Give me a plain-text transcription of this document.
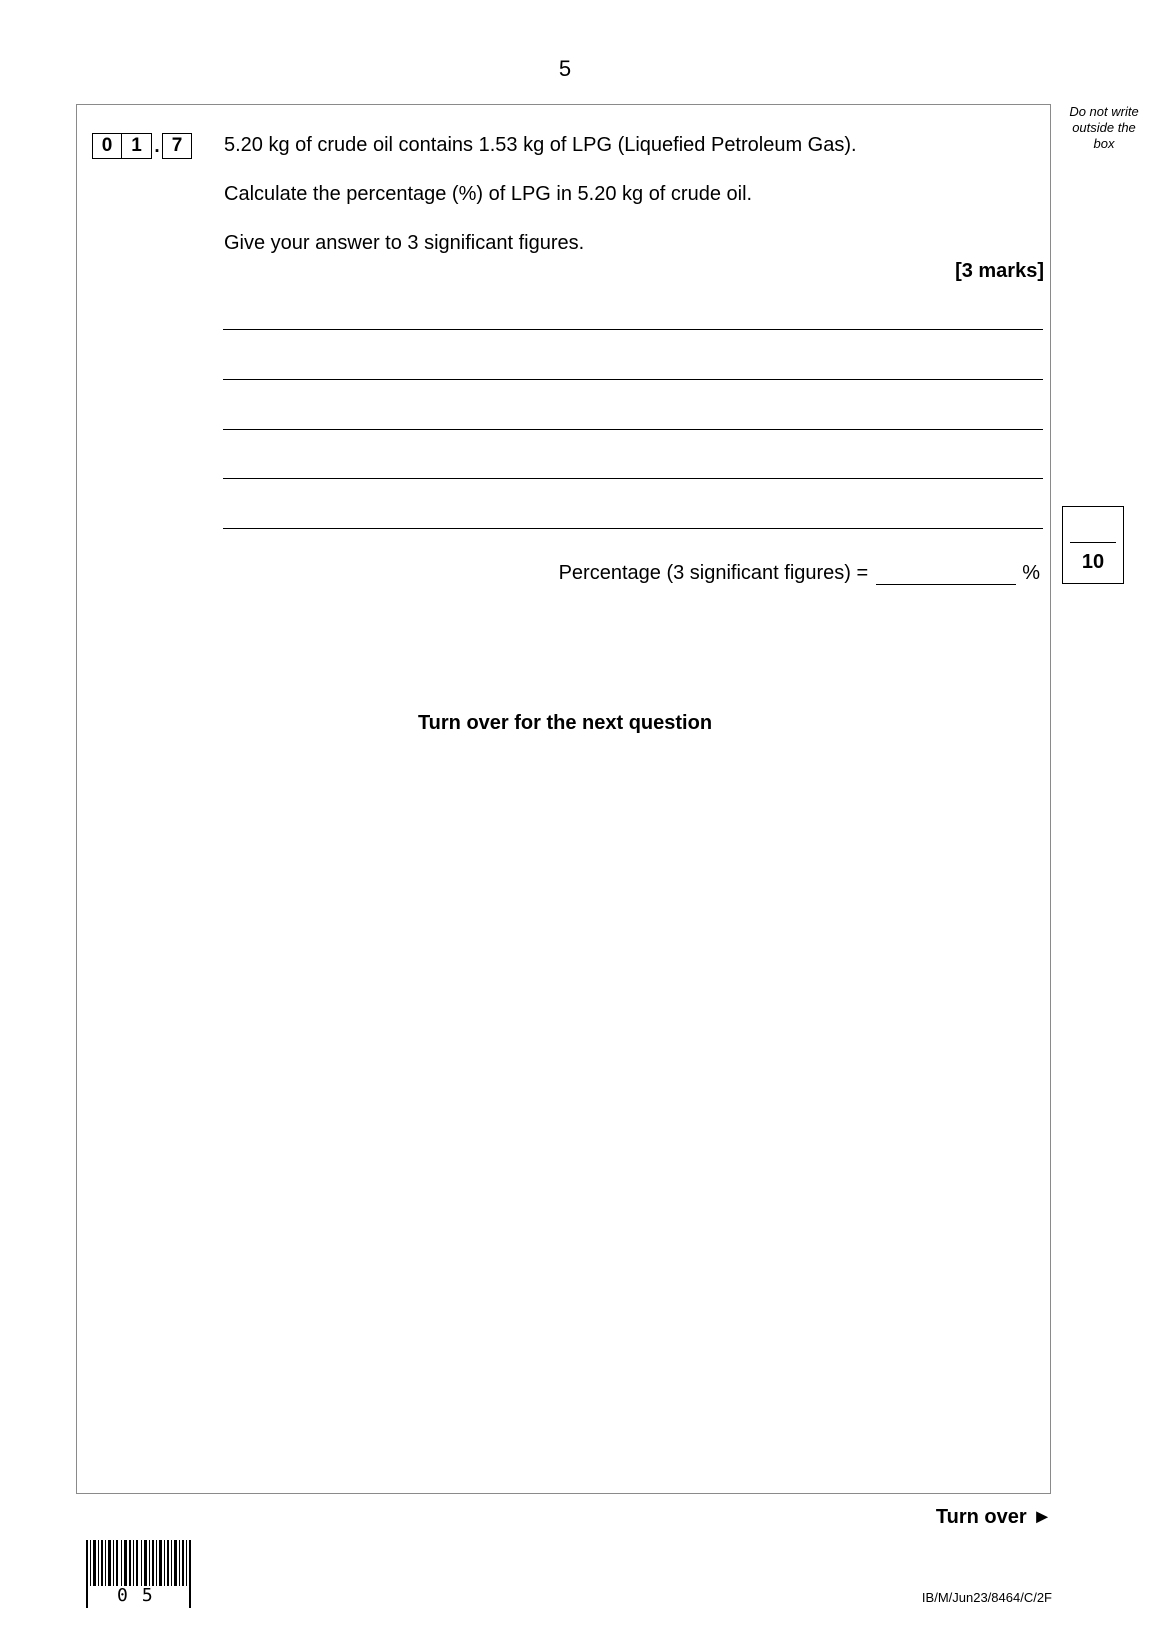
5
Do not write outside the box
0 1 . 7	5.20 kg of crude oil contains 1.53 kg of LPG (Liquefied Petroleum Gas).
Calculate the percentage (%) of LPG in 5.20 kg of crude oil.
Give your answer to 3 significant figures.
[3 marks]
Percentage (3 significant figures) =	%	10
Turn over for the next question
Turn over ►
05	IB/M/Jun23/8464/C/2F
